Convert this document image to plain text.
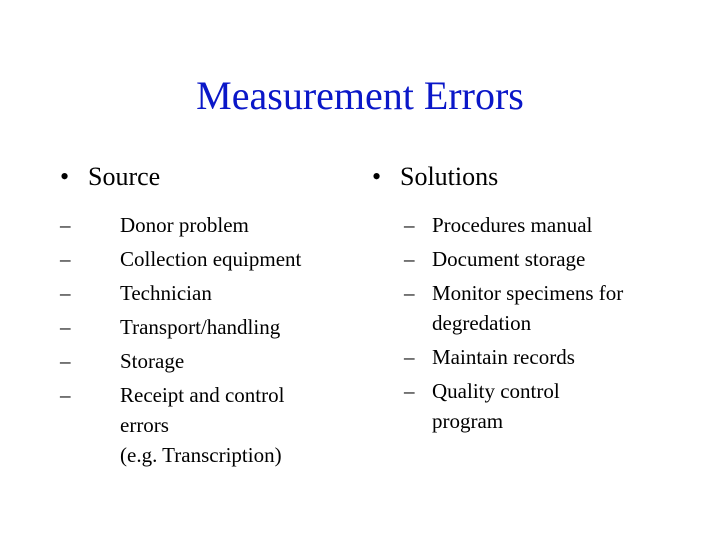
Measurement Errors
• Source
– Donor problem
– Collection equipment
– Technician
– Transport/handling
– Storage
– Receipt and control
errors
(e.g. Transcription)
• Solutions
– Procedures manual
– Document storage
– Monitor specimens for
degredation
– Maintain records
– Quality control
program
